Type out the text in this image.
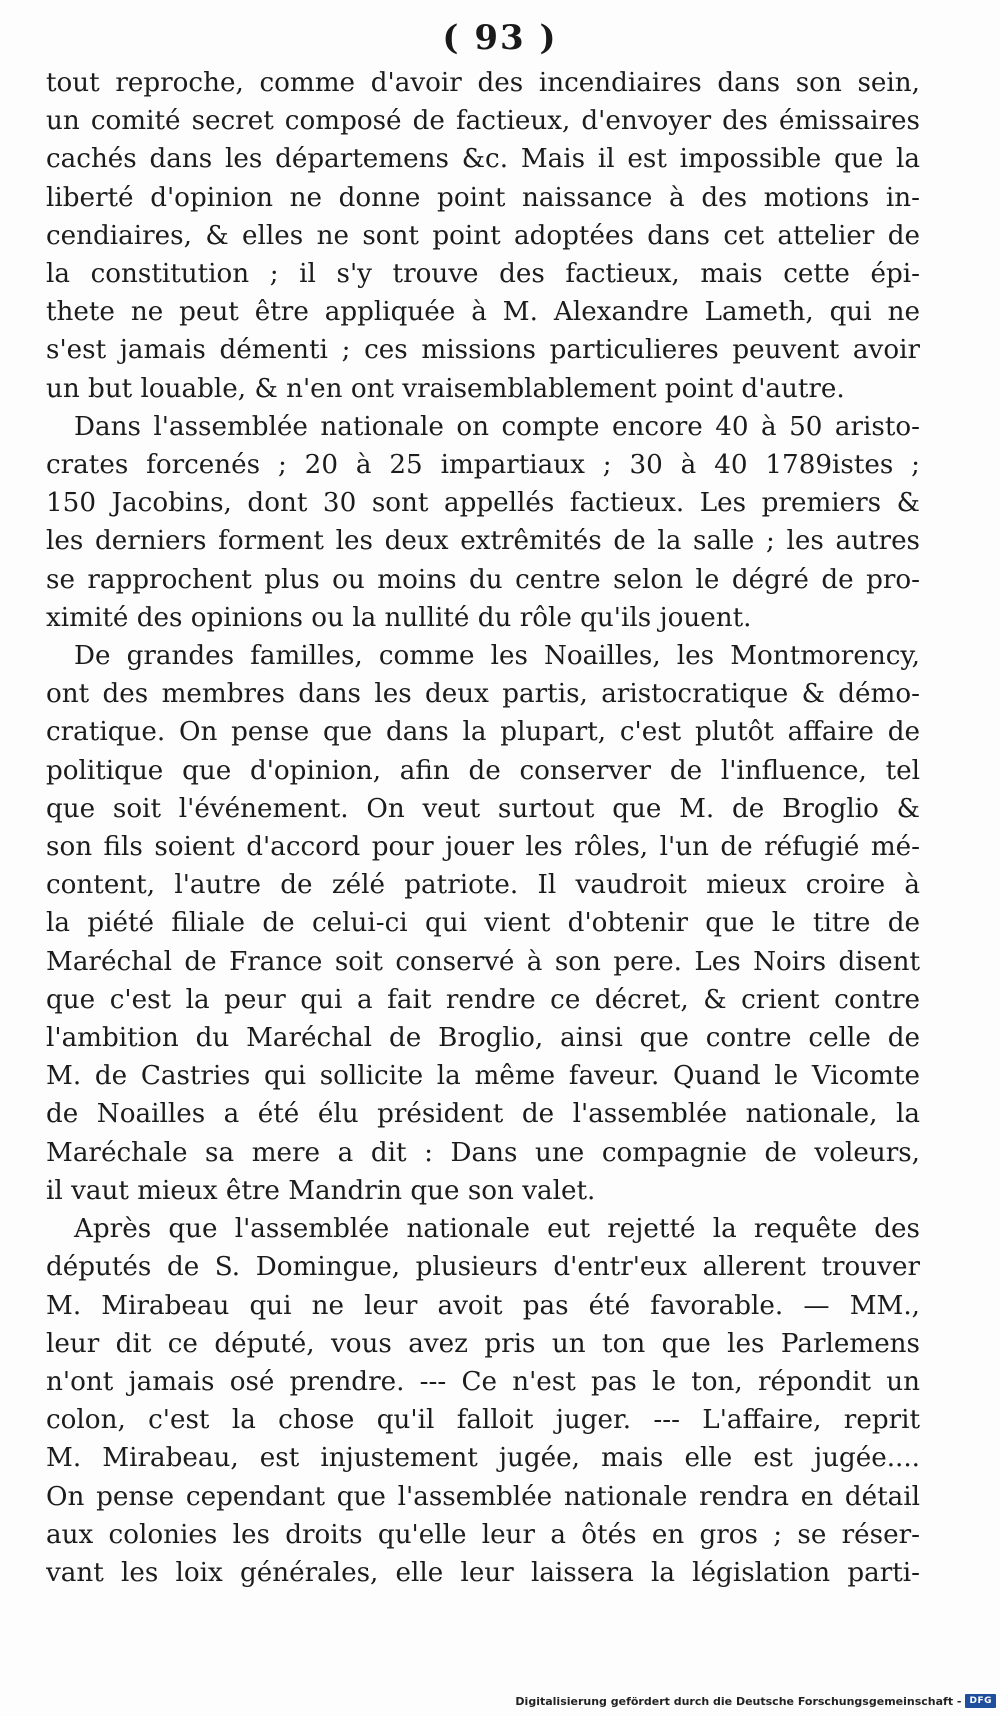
( 93 )
tout reproche, comme d'avoir des incendiaires dans son sein,
un comité secret composé de factieux, d'envoyer des émissaires
cachés dans les départemens &c. Mais il est impossible que la
liberté d'opinion ne donne point naissance à des motions in-
cendiaires, & elles ne sont point adoptées dans cet attelier de
la constitution ; il s'y trouve des factieux, mais cette épi-
thete ne peut être appliquée à M. Alexandre Lameth, qui ne
s'est jamais démenti ; ces missions particulieres peuvent avoir
un but louable, & n'en ont vraisemblablement point d'autre.
Dans l'assemblée nationale on compte encore 40 à 50 aristo-
crates forcenés ; 20 à 25 impartiaux ; 30 à 40 1789istes ;
150 Jacobins, dont 30 sont appellés factieux. Les premiers &
les derniers forment les deux extrêmités de la salle ; les autres
se rapprochent plus ou moins du centre selon le dégré de pro-
ximité des opinions ou la nullité du rôle qu'ils jouent.
De grandes familles, comme les Noailles, les Montmorency,
ont des membres dans les deux partis, aristocratique & démo-
cratique. On pense que dans la plupart, c'est plutôt affaire de
politique que d'opinion, afin de conserver de l'influence, tel
que soit l'événement. On veut surtout que M. de Broglio &
son fils soient d'accord pour jouer les rôles, l'un de réfugié mé-
content, l'autre de zélé patriote. Il vaudroit mieux croire à
la piété filiale de celui-ci qui vient d'obtenir que le titre de
Maréchal de France soit conservé à son pere. Les Noirs disent
que c'est la peur qui a fait rendre ce décret, & crient contre
l'ambition du Maréchal de Broglio, ainsi que contre celle de
M. de Castries qui sollicite la même faveur. Quand le Vicomte
de Noailles a été élu président de l'assemblée nationale, la
Maréchale sa mere a dit : Dans une compagnie de voleurs,
il vaut mieux être Mandrin que son valet.
Après que l'assemblée nationale eut rejetté la requête des
députés de S. Domingue, plusieurs d'entr'eux allerent trouver
M. Mirabeau qui ne leur avoit pas été favorable. — MM.,
leur dit ce député, vous avez pris un ton que les Parlemens
n'ont jamais osé prendre. --- Ce n'est pas le ton, répondit un
colon, c'est la chose qu'il falloit juger. --- L'affaire, reprit
M. Mirabeau, est injustement jugée, mais elle est jugée....
On pense cependant que l'assemblée nationale rendra en détail
aux colonies les droits qu'elle leur a ôtés en gros ; se réser-
vant les loix générales, elle leur laissera la législation parti-
Digitalisierung gefördert durch die Deutsche Forschungsgemeinschaft - DFG
